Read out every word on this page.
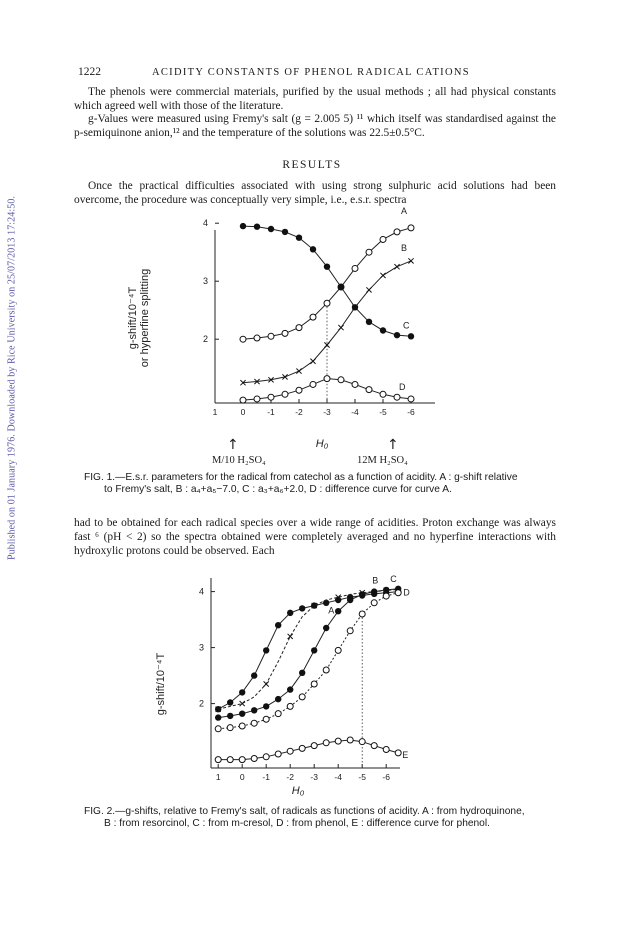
Published on 01 January 1976. Downloaded by Rice University on 25/07/2013 17:24:50.
1222	ACIDITY CONSTANTS OF PHENOL RADICAL CATIONS

The phenols were commercial materials, purified by the usual methods ; all had physical constants which agreed well with those of the literature.

g-Values were measured using Fremy's salt (g = 2.005 5) ¹¹ which itself was standardised against the p-semiquinone anion,¹² and the temperature of the solutions was 22.5±0.5°C.

RESULTS

Once the practical difficulties associated with using strong sulphuric acid solutions had been overcome, the procedure was conceptually very simple, i.e., e.s.r. spectra

4
3
2
1	0	-1 -2 -3 -4 -5 -6
A
B
C
D
g-shift/10⁻⁴T or hyperfine splitting
H₀
↑	↑
M/10 H₂SO₄	12M H₂SO₄
FIG. 1.—E.s.r. parameters for the radical from catechol as a function of acidity. A : g-shift relative
to Fremy's salt, B : a₄+a₅−7.0, C : a₃+a₆+2.0, D : difference curve for curve A.

had to be obtained for each radical species over a wide range of acidities. Proton exchange was always fast ⁶ (pH < 2) so the spectra obtained were completely averaged and no hyperfine interactions with hydroxylic protons could be observed. Each

4
3
2
1 0 -1 -2 -3 -4 -5 -6
A
B C
D
E
g-shift/10⁻⁴T
H₀
FIG. 2.—g-shifts, relative to Fremy's salt, of radicals as functions of acidity. A : from hydroquinone,
B : from resorcinol, C : from m-cresol, D : from phenol, E : difference curve for phenol.
